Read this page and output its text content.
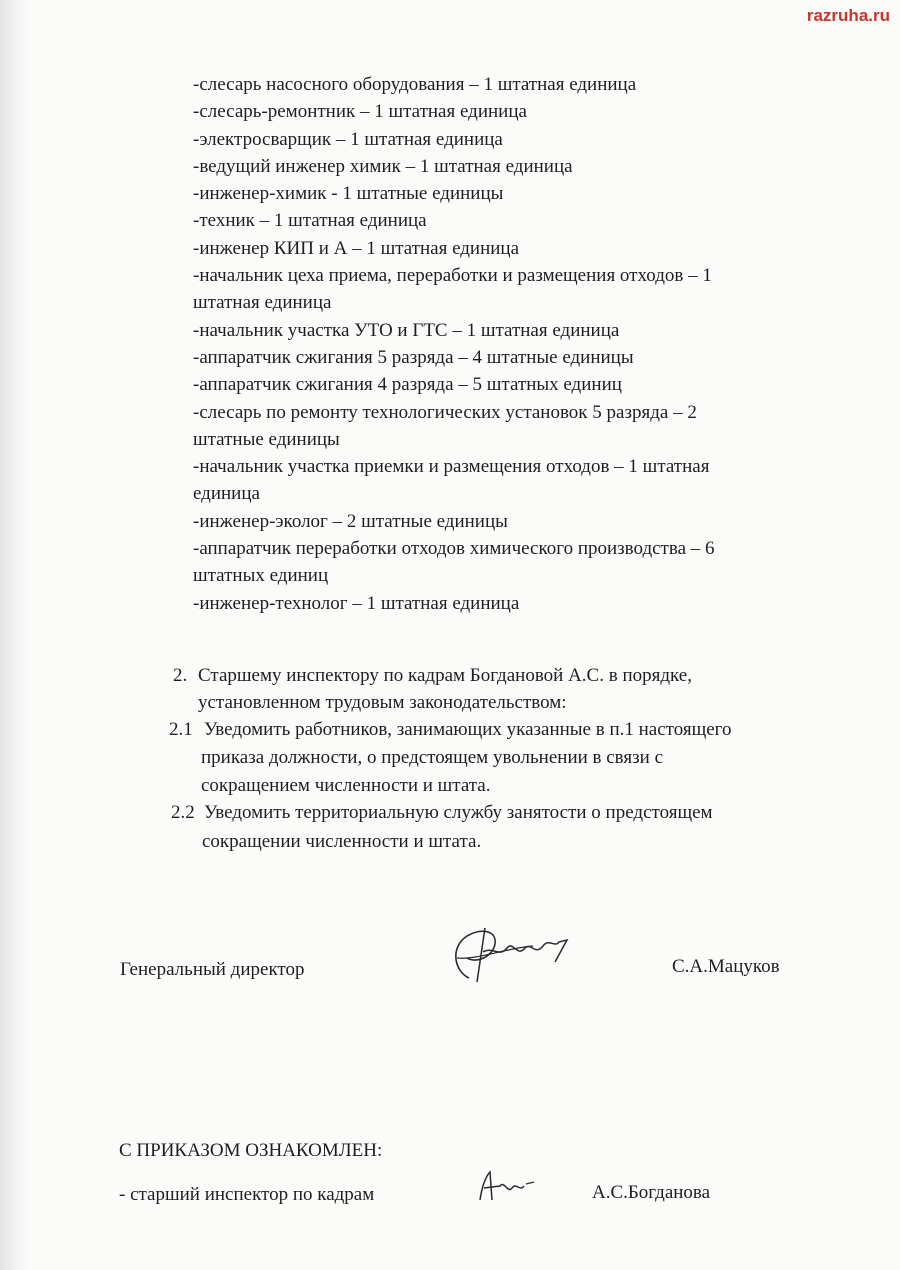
razruha.ru
-слесарь насосного оборудования – 1 штатная единица
-слесарь-ремонтник – 1 штатная единица
-электросварщик – 1 штатная единица
-ведущий инженер химик – 1 штатная единица
-инженер-химик - 1 штатные единицы
-техник – 1 штатная единица
-инженер КИП и А – 1 штатная единица
-начальник цеха приема, переработки и размещения отходов – 1
штатная единица
-начальник участка УТО и ГТС – 1 штатная единица
-аппаратчик сжигания 5 разряда – 4 штатные единицы
-аппаратчик сжигания 4 разряда – 5 штатных единиц
-слесарь по ремонту технологических установок 5 разряда – 2
штатные единицы
-начальник участка приемки и размещения отходов – 1 штатная
единица
-инженер-эколог – 2 штатные единицы
-аппаратчик переработки отходов химического производства – 6
штатных единиц
-инженер-технолог – 1 штатная единица
2. Старшему инспектору по кадрам Богдановой А.С. в порядке,
установленном трудовым законодательством:
2.1 Уведомить работников, занимающих указанные в п.1 настоящего
приказа должности, о предстоящем увольнении в связи с
сокращением численности и штата.
2.2 Уведомить территориальную службу занятости о предстоящем
сокращении численности и штата.
Генеральный директор	С.А.Мацуков
С ПРИКАЗОМ ОЗНАКОМЛЕН:
- старший инспектор по кадрам	А.С.Богданова
